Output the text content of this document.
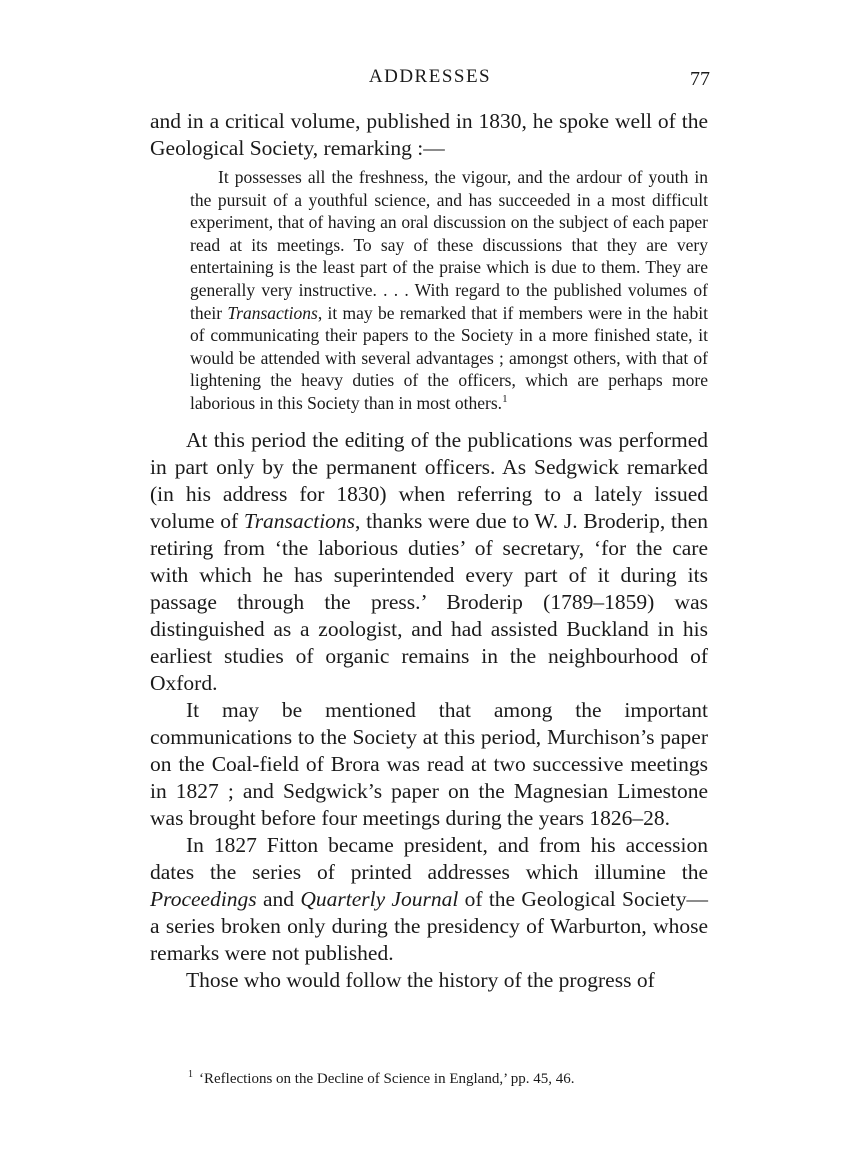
ADDRESSES	77

and in a critical volume, published in 1830, he spoke well of the Geological Society, remarking :—

It possesses all the freshness, the vigour, and the ardour of youth in the pursuit of a youthful science, and has succeeded in a most difficult experiment, that of having an oral discussion on the subject of each paper read at its meetings. To say of these discussions that they are very entertaining is the least part of the praise which is due to them. They are generally very instructive. . . . With regard to the published volumes of their Transactions, it may be remarked that if members were in the habit of communicating their papers to the Society in a more finished state, it would be attended with several advantages ; amongst others, with that of lightening the heavy duties of the officers, which are perhaps more laborious in this Society than in most others.$^1$

At this period the editing of the publications was performed in part only by the permanent officers. As Sedgwick remarked (in his address for 1830) when referring to a lately issued volume of Transactions, thanks were due to W. J. Broderip, then retiring from ‘the laborious duties’ of secretary, ‘for the care with which he has superintended every part of it during its passage through the press.’ Broderip (1789–1859) was distinguished as a zoologist, and had assisted Buckland in his earliest studies of organic remains in the neighbourhood of Oxford.

It may be mentioned that among the important communications to the Society at this period, Murchison’s paper on the Coal-field of Brora was read at two successive meetings in 1827 ; and Sedgwick’s paper on the Magnesian Limestone was brought before four meetings during the years 1826–28.

In 1827 Fitton became president, and from his accession dates the series of printed addresses which illumine the Proceedings and Quarterly Journal of the Geological Society—a series broken only during the presidency of Warburton, whose remarks were not published.

Those who would follow the history of the progress of

$^1$ ‘Reflections on the Decline of Science in England,’ pp. 45, 46.
